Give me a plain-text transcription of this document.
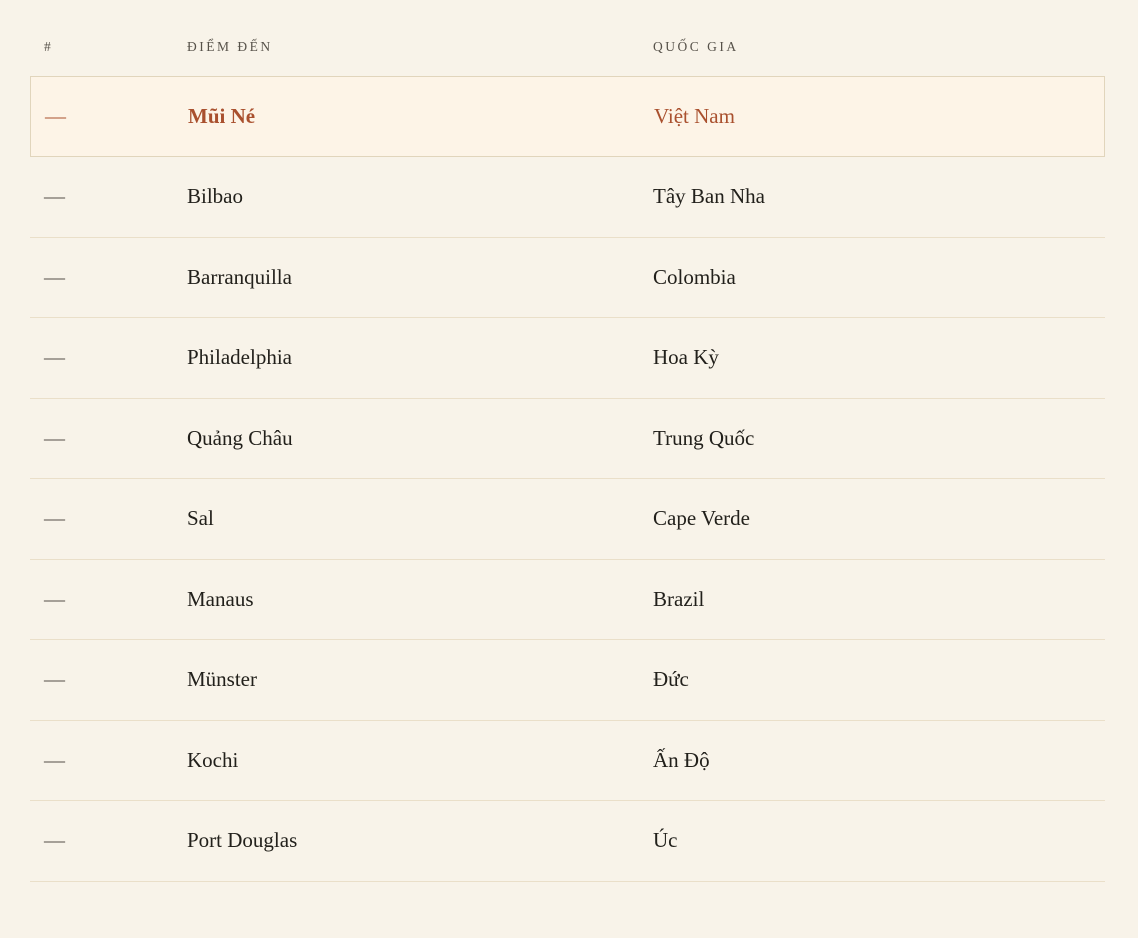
#	ĐIỂM ĐẾN	QUỐC GIA
—	Mũi Né	Việt Nam
—	Bilbao	Tây Ban Nha
—	Barranquilla	Colombia
—	Philadelphia	Hoa Kỳ
—	Quảng Châu	Trung Quốc
—	Sal	Cape Verde
—	Manaus	Brazil
—	Münster	Đức
—	Kochi	Ấn Độ
—	Port Douglas	Úc
